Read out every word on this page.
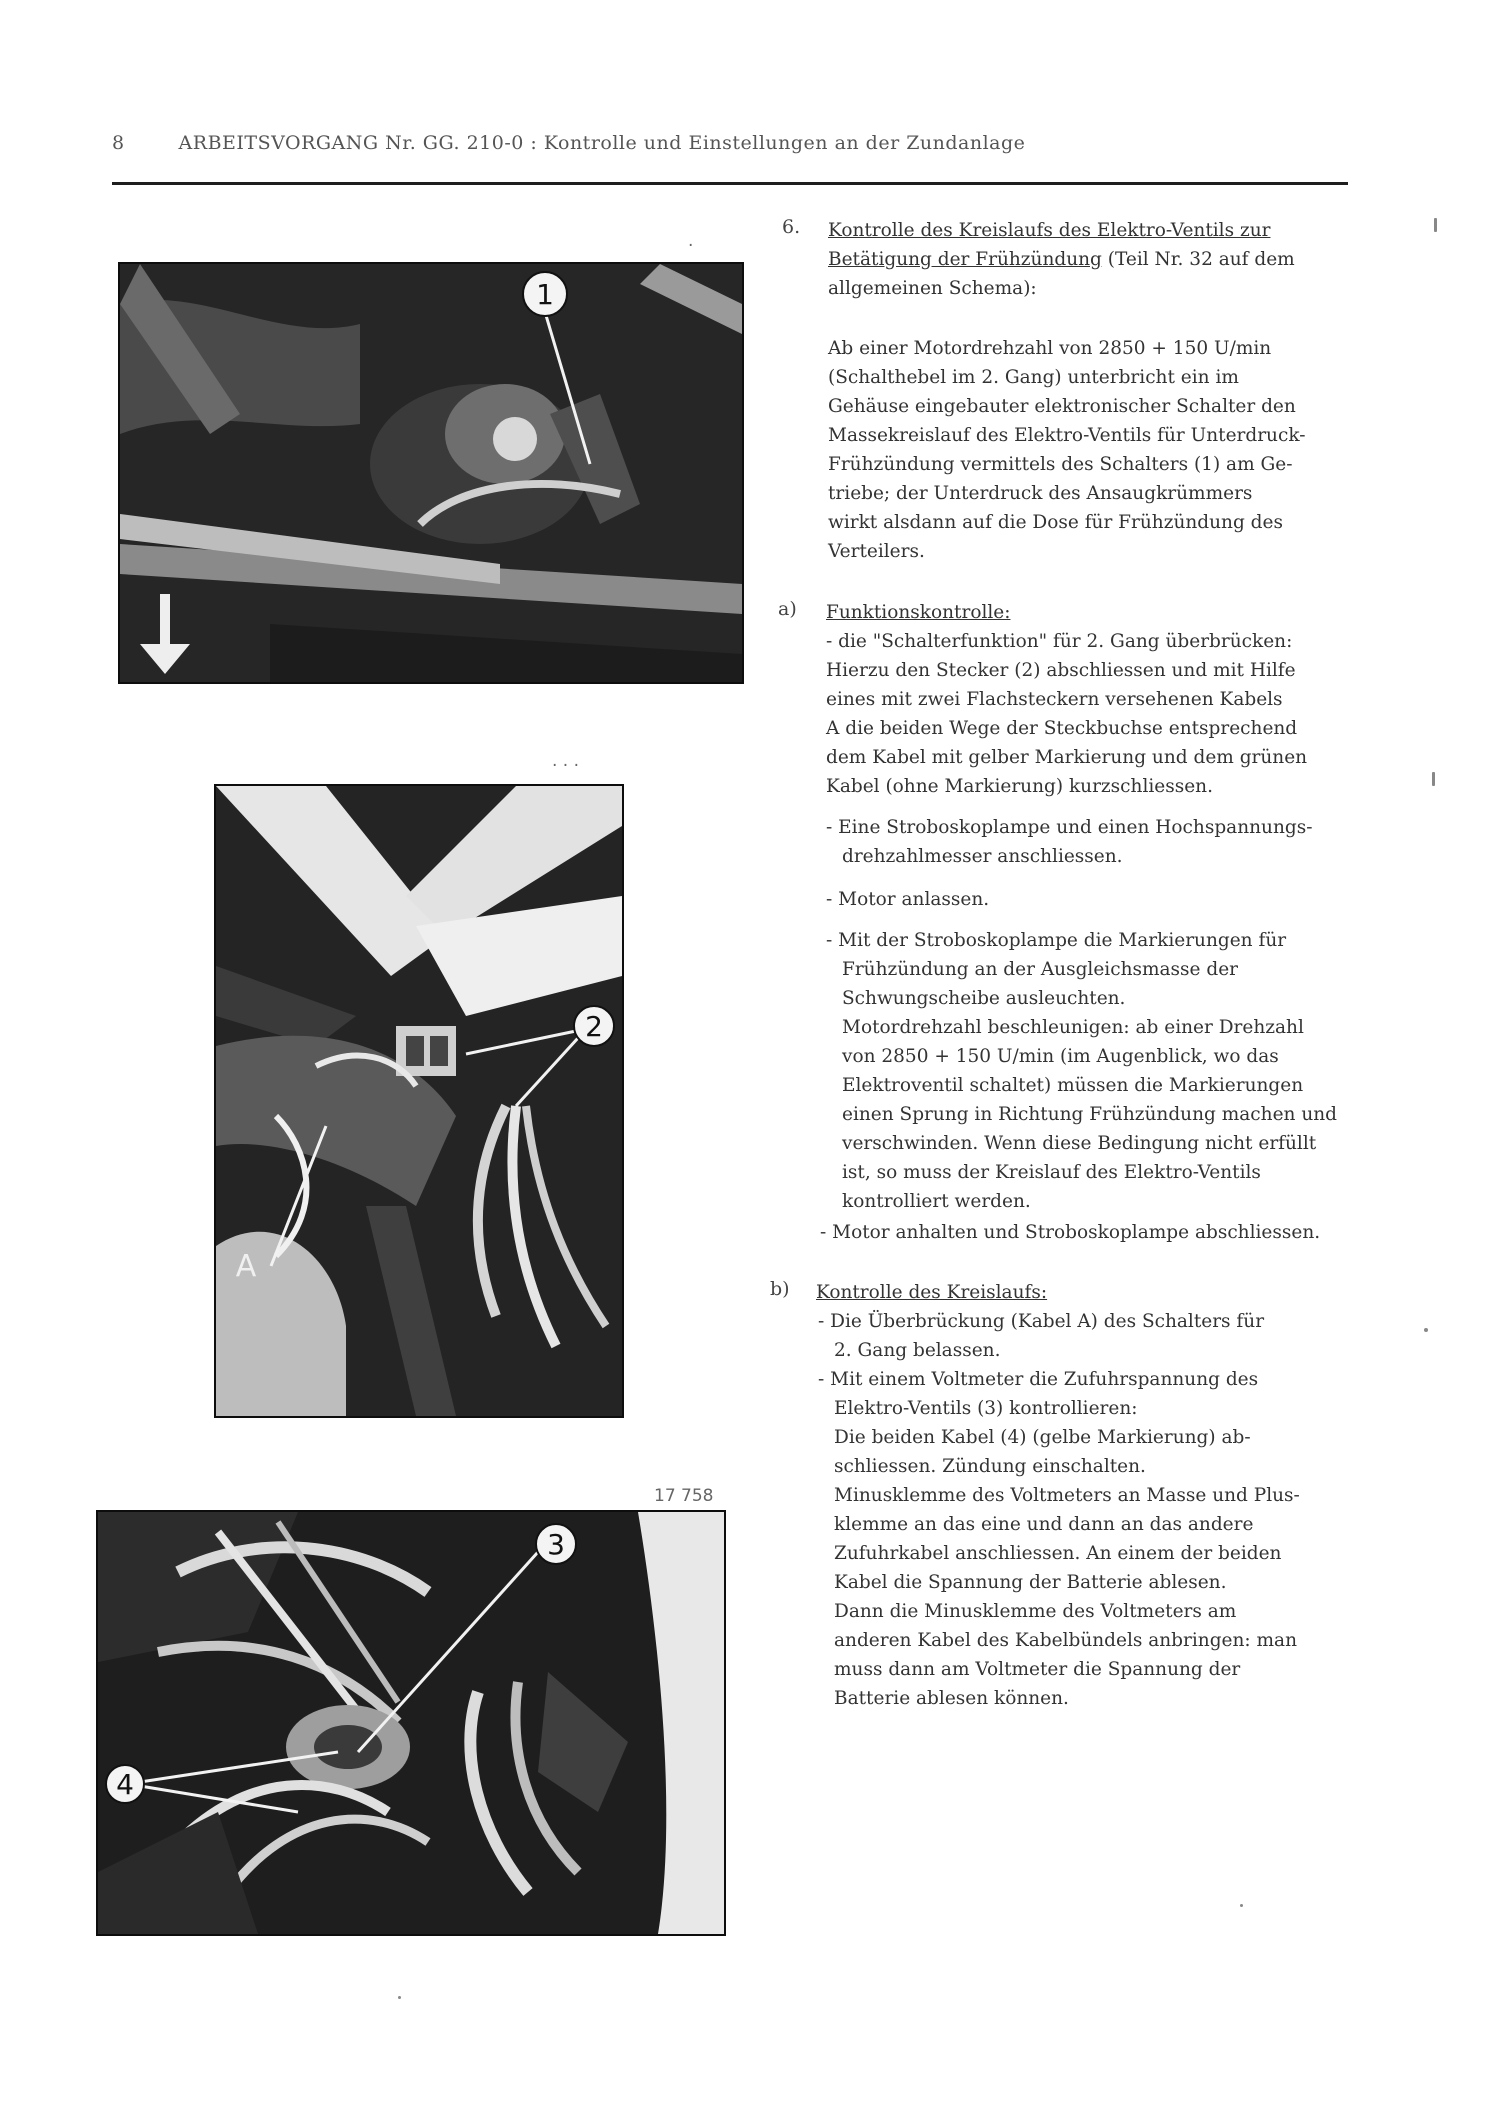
8	ARBEITSVORGANG Nr. GG. 210-0 : Kontrolle und Einstellungen an der Zundanlage
1
·
2
A
· · ·
17 758
3
4
6. Kontrolle des Kreislaufs des Elektro-Ventils zur

Betätigung der Frühzündung (Teil Nr. 32 auf dem

allgemeinen Schema):

Ab einer Motordrehzahl von 2850 + 150 U/min

(Schalthebel im 2. Gang) unterbricht ein im

Gehäuse eingebauter elektronischer Schalter den

Massekreislauf des Elektro-Ventils für Unterdruck-

Frühzündung vermittels des Schalters (1) am Ge-

triebe; der Unterdruck des Ansaugkrümmers

wirkt alsdann auf die Dose für Frühzündung des

Verteilers.

a) Funktionskontrolle:

- die "Schalterfunktion" für 2. Gang überbrücken:

Hierzu den Stecker (2) abschliessen und mit Hilfe

eines mit zwei Flachsteckern versehenen Kabels

A die beiden Wege der Steckbuchse entsprechend

dem Kabel mit gelber Markierung und dem grünen

Kabel (ohne Markierung) kurzschliessen.

- Eine Stroboskoplampe und einen Hochspannungs-

drehzahlmesser anschliessen.

- Motor anlassen.

- Mit der Stroboskoplampe die Markierungen für

Frühzündung an der Ausgleichsmasse der

Schwungscheibe ausleuchten.

Motordrehzahl beschleunigen: ab einer Drehzahl

von 2850 + 150 U/min (im Augenblick, wo das

Elektroventil schaltet) müssen die Markierungen

einen Sprung in Richtung Frühzündung machen und

verschwinden. Wenn diese Bedingung nicht erfüllt

ist, so muss der Kreislauf des Elektro-Ventils

kontrolliert werden.

- Motor anhalten und Stroboskoplampe abschliessen.

b) Kontrolle des Kreislaufs:

- Die Überbrückung (Kabel A) des Schalters für

2. Gang belassen.

- Mit einem Voltmeter die Zufuhrspannung des

Elektro-Ventils (3) kontrollieren:

Die beiden Kabel (4) (gelbe Markierung) ab-

schliessen. Zündung einschalten.

Minusklemme des Voltmeters an Masse und Plus-

klemme an das eine und dann an das andere

Zufuhrkabel anschliessen. An einem der beiden

Kabel die Spannung der Batterie ablesen.

Dann die Minusklemme des Voltmeters am

anderen Kabel des Kabelbündels anbringen: man

muss dann am Voltmeter die Spannung der

Batterie ablesen können.
